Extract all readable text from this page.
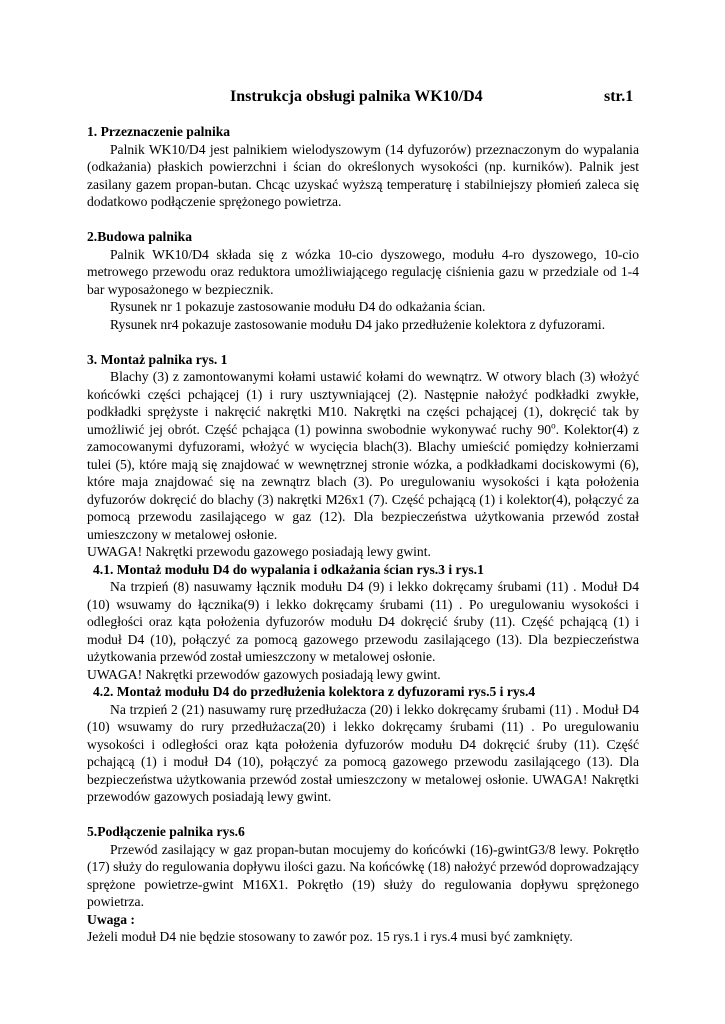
Instrukcja obsługi palnika WK10/D4	str.1
1. Przeznaczenie palnika

Palnik WK10/D4 jest palnikiem wielodyszowym (14 dyfuzorów) przeznaczonym do wypalania (odkażania) płaskich powierzchni i ścian do określonych wysokości (np. kurników). Palnik jest zasilany gazem propan-butan. Chcąc uzyskać wyższą temperaturę i stabilniejszy płomień zaleca się dodatkowo podłączenie sprężonego powietrza.

2.Budowa palnika

Palnik WK10/D4 składa się z wózka 10-cio dyszowego, modułu 4-ro dyszowego, 10-cio metrowego przewodu oraz reduktora umożliwiającego regulację ciśnienia gazu w przedziale od 1-4 bar wyposażonego w bezpiecznik.

Rysunek nr 1 pokazuje zastosowanie modułu D4 do odkażania ścian.

Rysunek nr4 pokazuje zastosowanie modułu D4 jako przedłużenie kolektora z dyfuzorami.

3. Montaż palnika rys. 1

Blachy (3) z zamontowanymi kołami ustawić kołami do wewnątrz. W otwory blach (3) włożyć końcówki części pchającej (1) i rury usztywniającej (2). Następnie nałożyć podkładki zwykłe, podkładki sprężyste i nakręcić nakrętki M10. Nakrętki na części pchającej (1), dokręcić tak by umożliwić jej obrót. Część pchająca (1) powinna swobodnie wykonywać ruchy 90$^o$. Kolektor(4) z zamocowanymi dyfuzorami, włożyć w wycięcia blach(3). Blachy umieścić pomiędzy kołnierzami tulei (5), które mają się znajdować w wewnętrznej stronie wózka, a podkładkami dociskowymi (6), które maja znajdować się na zewnątrz blach (3). Po uregulowaniu wysokości i kąta położenia dyfuzorów dokręcić do blachy (3) nakrętki M26x1 (7). Część pchającą (1) i kolektor(4), połączyć za pomocą przewodu zasilającego w gaz (12). Dla bezpieczeństwa użytkowania przewód został umieszczony w metalowej osłonie.

UWAGA! Nakrętki przewodu gazowego posiadają lewy gwint.

4.1. Montaż modułu D4 do wypalania i odkażania ścian rys.3 i rys.1

Na trzpień (8) nasuwamy łącznik modułu D4 (9) i lekko dokręcamy śrubami (11) . Moduł D4 (10) wsuwamy do łącznika(9) i lekko dokręcamy śrubami (11) . Po uregulowaniu wysokości i odległości oraz kąta położenia dyfuzorów modułu D4 dokręcić śruby (11). Część pchającą (1) i moduł D4 (10), połączyć za pomocą gazowego przewodu zasilającego (13). Dla bezpieczeństwa użytkowania przewód został umieszczony w metalowej osłonie.

UWAGA! Nakrętki przewodów gazowych posiadają lewy gwint.

4.2. Montaż modułu D4 do przedłużenia kolektora z dyfuzorami rys.5 i rys.4

Na trzpień 2 (21) nasuwamy rurę przedłużacza (20) i lekko dokręcamy śrubami (11) . Moduł D4 (10) wsuwamy do rury przedłużacza(20) i lekko dokręcamy śrubami (11) . Po uregulowaniu wysokości i odległości oraz kąta położenia dyfuzorów modułu D4 dokręcić śruby (11). Część pchającą (1) i moduł D4 (10), połączyć za pomocą gazowego przewodu zasilającego (13). Dla bezpieczeństwa użytkowania przewód został umieszczony w metalowej osłonie. UWAGA! Nakrętki przewodów gazowych posiadają lewy gwint.

5.Podłączenie palnika rys.6

Przewód zasilający w gaz propan-butan mocujemy do końcówki (16)-gwintG3/8 lewy. Pokrętło (17) służy do regulowania dopływu ilości gazu. Na końcówkę (18) nałożyć przewód doprowadzający sprężone powietrze-gwint M16X1. Pokrętło (19) służy do regulowania dopływu sprężonego powietrza.

Uwaga :

Jeżeli moduł D4 nie będzie stosowany to zawór poz. 15 rys.1 i rys.4 musi być zamknięty.
